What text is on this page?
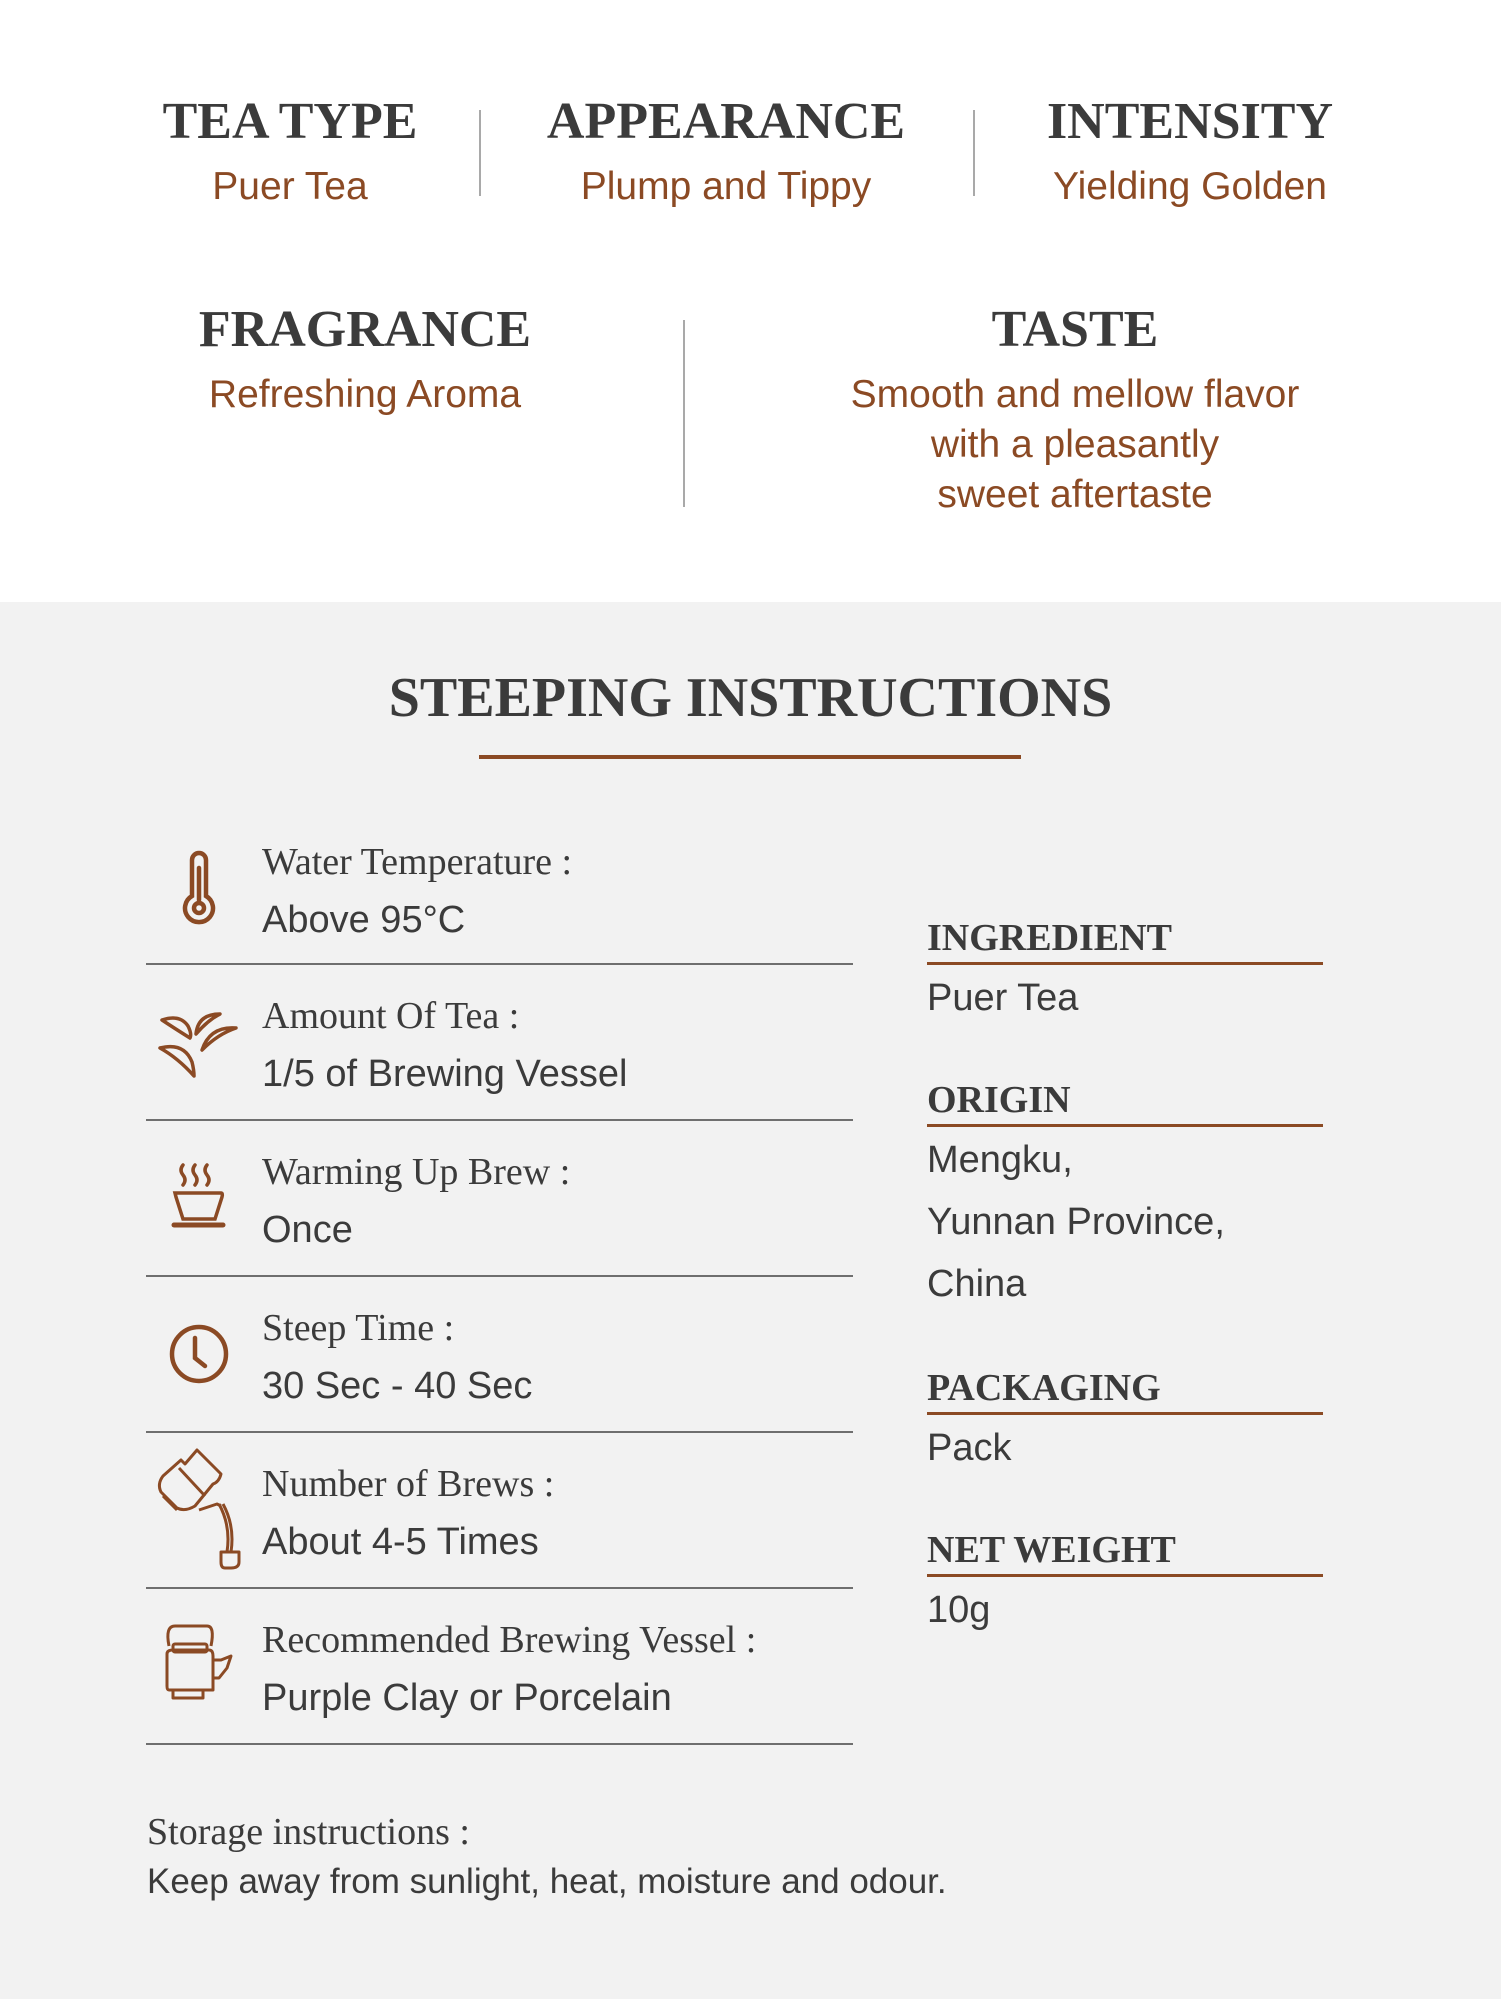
TEA TYPE
Puer Tea
APPEARANCE
Plump and Tippy
INTENSITY
Yielding Golden
FRAGRANCE
Refreshing Aroma
TASTE
Smooth and mellow flavor
with a pleasantly
sweet aftertaste
STEEPING INSTRUCTIONS
Water Temperature :
Above 95°C
Amount Of Tea :
1/5 of Brewing Vessel
Warming Up Brew :
Once
Steep Time :
30 Sec - 40 Sec
Number of Brews :
About 4-5 Times
Recommended Brewing Vessel :
Purple Clay or Porcelain
INGREDIENT
Puer Tea
ORIGIN
Mengku,
Yunnan Province,
China
PACKAGING
Pack
NET WEIGHT
10g
Storage instructions :
Keep away from sunlight, heat, moisture and odour.
